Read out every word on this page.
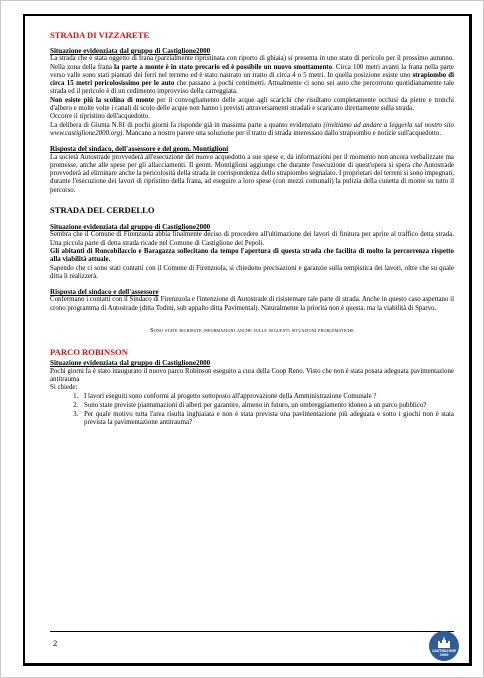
STRADA DI VIZZARETE
Situazione evidenziata dal gruppo di Castiglione2000

La strada che è stata oggetto di frana (parzialmente ripristinata con riporto di ghiaia) si presenta in uno stato di pericolo per il prossimo autunno. Nella zona della frana la parte a monte è in stato precario ed è possibile un nuovo smottamento. Circa 100 metri avanti la frana nella parte verso valle sono stati piantati dei ferri nel terreno ed è stato nastrato un tratto di circa 4 o 5 metri. In quella posizione esiste uno strapiombo di circa 15 metri pericolosissimo per le auto che passano a pochi centimetri. Attualmente ci sono sei auto che percorrono quotidianamente tale strada ed il pericolo è di un cedimento improvviso della carreggiata.

Non esiste più la scolina di monte per il convogliamento delle acque agli scarichi che risultano completamente occlusi da pietre e tronchi d'albero e molte volte i canali di scolo delle acque non hanno i previsti attraversamenti stradali e scaricano direttamente sulla strada.

Occorre il ripristino dell'acquedotto.

La delibera di Giunta N.81 di pochi giorni fa risponde già in massima parte a quanto evidenziato (invitiamo ad andare a leggerla sul nostro sito www.castiglione2000.org). Mancano a nostro parere una soluzione per il tratto di strada interessato dallo strapiombo e notizie sull'acquedotto.

Risposta del sindaco, dell'assessore e del geom. Montiglioni

La società Autostrade provvederà all'esecuzione del nuovo acquedotto a sue spese e, da informazioni per il momento non ancora verbalizzate ma promesse, anche alle spese per gli allacciamenti. Il geom. Montiglioni aggiunge che durante l'esecuzione di quest'opera si spera che Autostrade provvederà ad eliminare anche la pericolosità della strada in corrispondenza dello strapiombo segnalato. I proprietari dei terreni si sono impegnati, durante l'esecuzione dei lavori di ripristino della frana, ad eseguire a loro spese (con mezzi comunali) la pulizia della cunetta di monte su tutto il percorso.

STRADA DEL CERDELLO
Situazione evidenziata dal gruppo di Castiglione2000

Sembra che il Comune di Firenzuola abbia finalmente deciso di procedere all'ultimazione dei lavori di finitura per aprire al traffico detta strada. Una piccola parte di detta strada ricade nel Comune di Castiglione dei Pepoli.

Gli abitanti di Roncobilaccio e Baragazza sollecitano da tempo l'apertura di questa strada che facilita di molto la percorrenza rispetto alla viabilità attuale.

Sapendo che ci sono stati contatti con il Comune di Firenzuola, si chiedono precisazioni e garanzie sulla tempistica dei lavori, oltre che su quale ditta li realizzerà.

Risposta del sindaco e dell'assessore

Confermano i contatti con il Sindaco di Firenzuola e l'intenzione di Autostrade di risistemare tale parte di strada. Anche in questo caso aspettano il crono programma di Autostrade (ditta Todini, sub appalto ditta Pavimental). Naturalmente la priorità non è questa, ma la viabilità di Sparvo.

Sono state richieste informazioni anche sulle seguenti situazioni problematiche
PARCO ROBINSON
Situazione evidenziata dal gruppo di Castiglione2000

Pochi giorni fa è stato inaugurato il nuovo parco Robinson eseguito a cura della Coop Reno. Visto che non è stata posata adeguata pavimentazione antitrauma

Si chiede:

1. I lavori eseguiti sono conformi al progetto sottoposto all'approvazione della Amministrazione Comunale ?
2. Sono state previste piantumazioni di alberi per garantire, almeno in futuro, un ombreggiamento idoneo a un parco pubblico?
3. Per quale motivo tutta l'area risulta inghiaiata e non è stata prevista una pavimentazione più adeguata e sotto i giochi non è stata prevista la pavimentazione antitrauma?
2
CASTIGLIONE 2000
